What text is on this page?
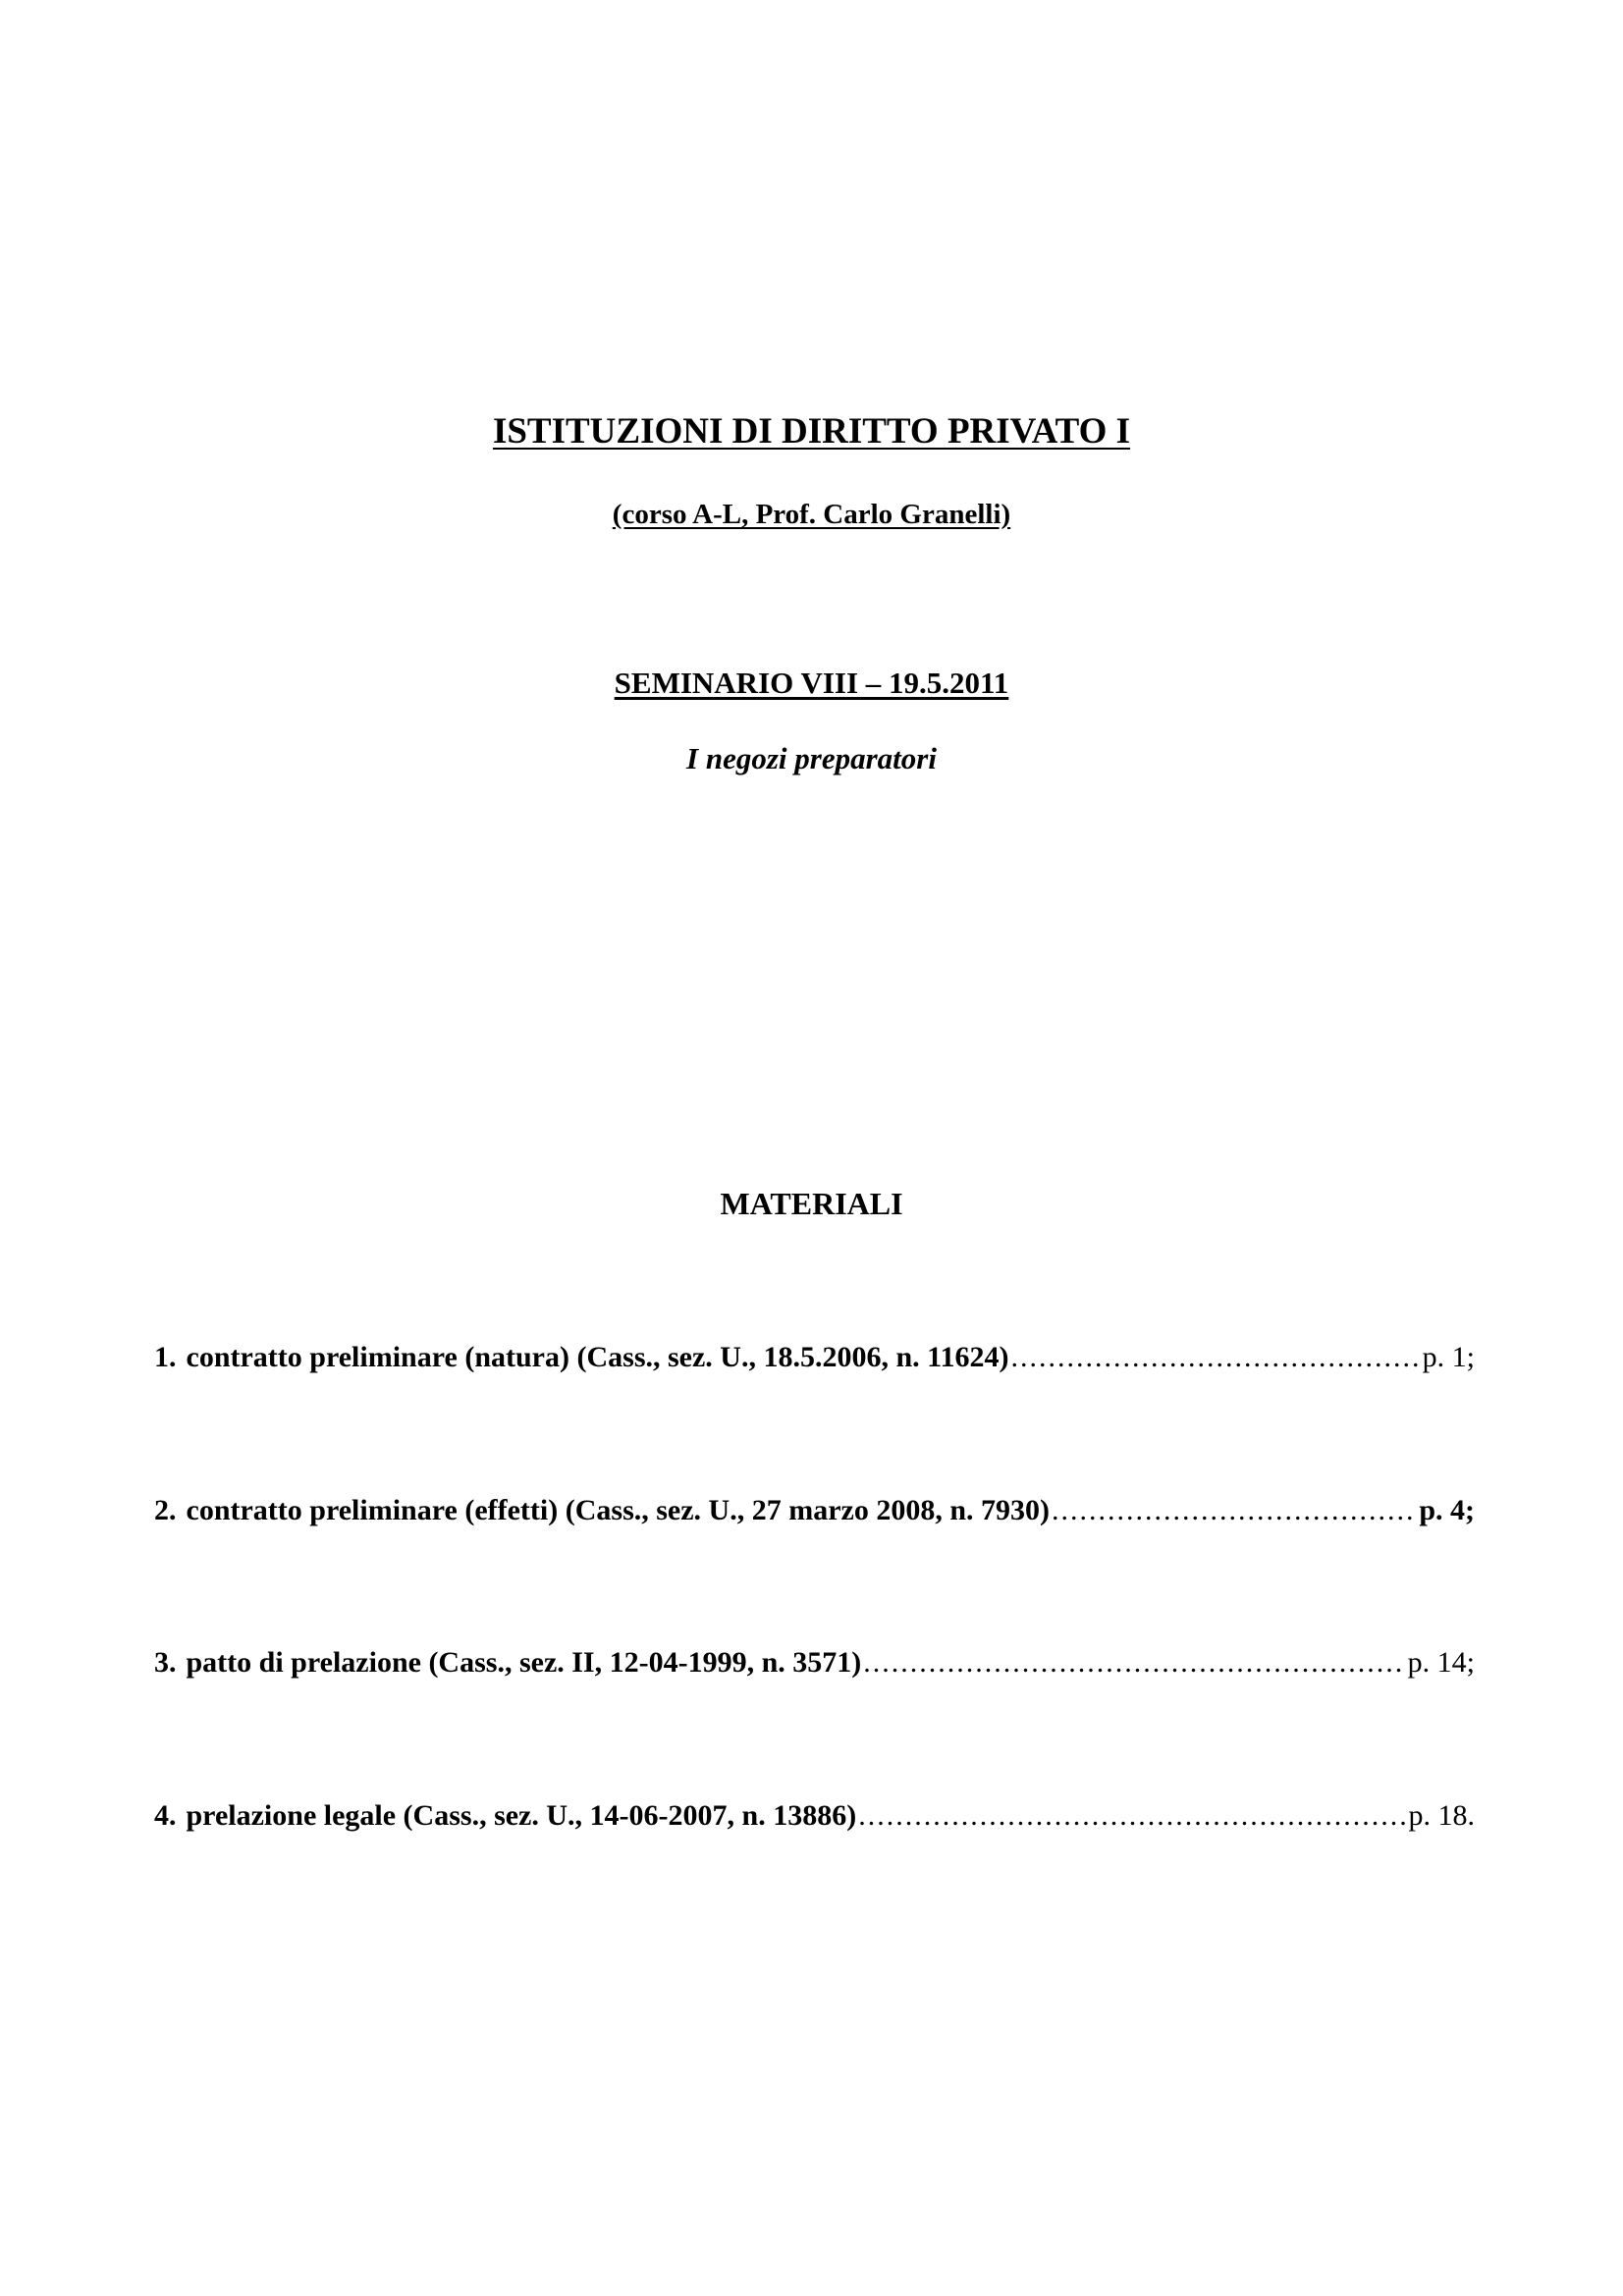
ISTITUZIONI DI DIRITTO PRIVATO I
(corso A-L, Prof. Carlo Granelli)
SEMINARIO VIII – 19.5.2011
I negozi preparatori
MATERIALI
1. contratto preliminare (natura) (Cass., sez. U., 18.5.2006, n. 11624) .....	p. 1;
2. contratto preliminare (effetti) (Cass., sez. U., 27 marzo 2008, n. 7930) .....	p. 4;
3. patto di prelazione (Cass., sez. II, 12-04-1999, n. 3571) .....	p. 14;
4. prelazione legale (Cass., sez. U., 14-06-2007, n. 13886) .....	p. 18.
